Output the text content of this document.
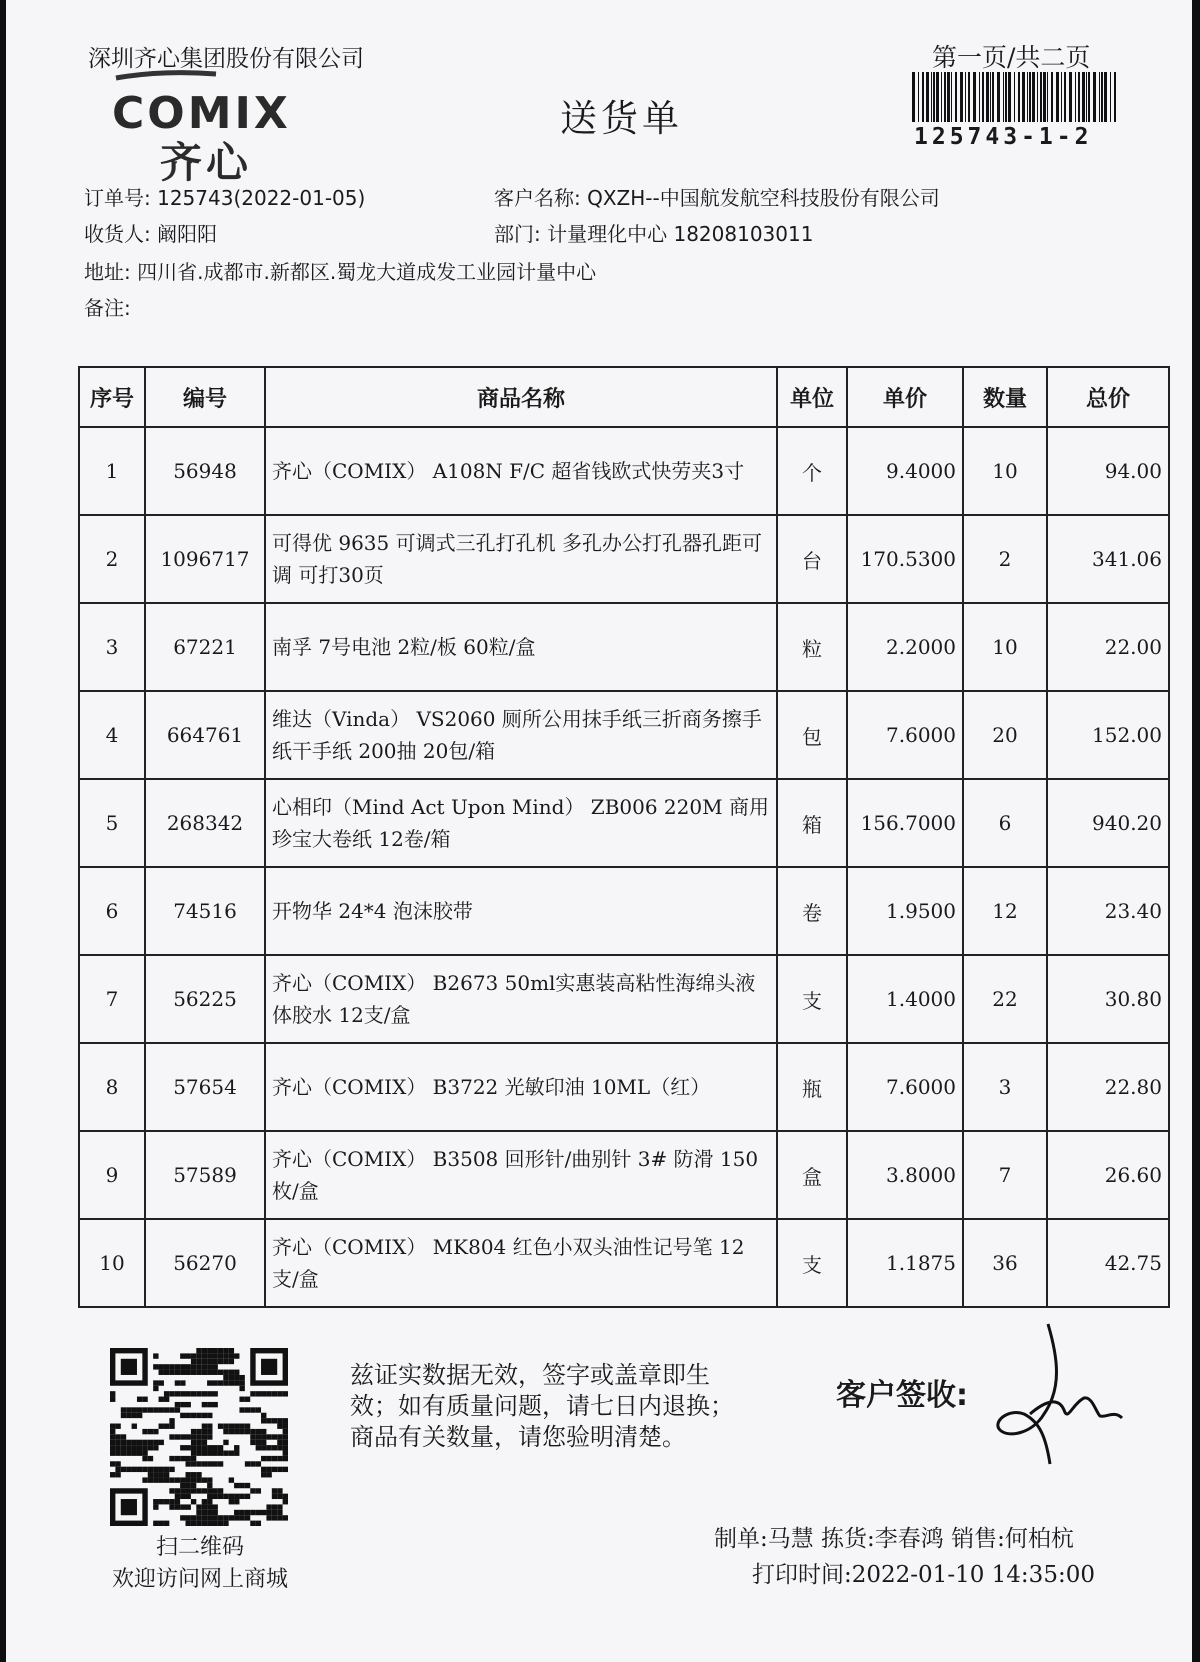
深圳齐心集团股份有限公司	第一页/共二页
COMIX
齐心
送货单	125743-1-2
订单号: 125743(2022-01-05)	客户名称: QXZH--中国航发航空科技股份有限公司
收货人: 阚阳阳	部门: 计量理化中心 18208103011
地址: 四川省.成都市.新都区.蜀龙大道成发工业园计量中心
备注:
序号	编号	商品名称	单位	单价	数量	总价
1	56948	齐心（COMIX） A108N F/C 超省钱欧式快劳夹3寸	个	9.4000	10	94.00
2	1096717	可得优 9635 可调式三孔打孔机 多孔办公打孔器孔距可调 可打30页	台	170.5300	2	341.06
3	67221	南孚 7号电池 2粒/板 60粒/盒	粒	2.2000	10	22.00
4	664761	维达（Vinda） VS2060 厕所公用抹手纸三折商务擦手纸干手纸 200抽 20包/箱	包	7.6000	20	152.00
5	268342	心相印（Mind Act Upon Mind） ZB006 220M 商用珍宝大卷纸 12卷/箱	箱	156.7000	6	940.20
6	74516	开物华 24*4 泡沫胶带	卷	1.9500	12	23.40
7	56225	齐心（COMIX） B2673 50ml实惠装高粘性海绵头液体胶水 12支/盒	支	1.4000	22	30.80
8	57654	齐心（COMIX） B3722 光敏印油 10ML（红）	瓶	7.6000	3	22.80
9	57589	齐心（COMIX） B3508 回形针/曲别针 3# 防滑 150枚/盒	盒	3.8000	7	26.60
10	56270	齐心（COMIX） MK804 红色小双头油性记号笔 12支/盒	支	1.1875	36	42.75
扫二维码
欢迎访问网上商城
兹证实数据无效，签字或盖章即生效；如有质量问题，请七日内退换；商品有关数量，请您验明清楚。
客户签收:
制单:马慧 拣货:李春鸿 销售:何柏杭
打印时间:2022-01-10 14:35:00
